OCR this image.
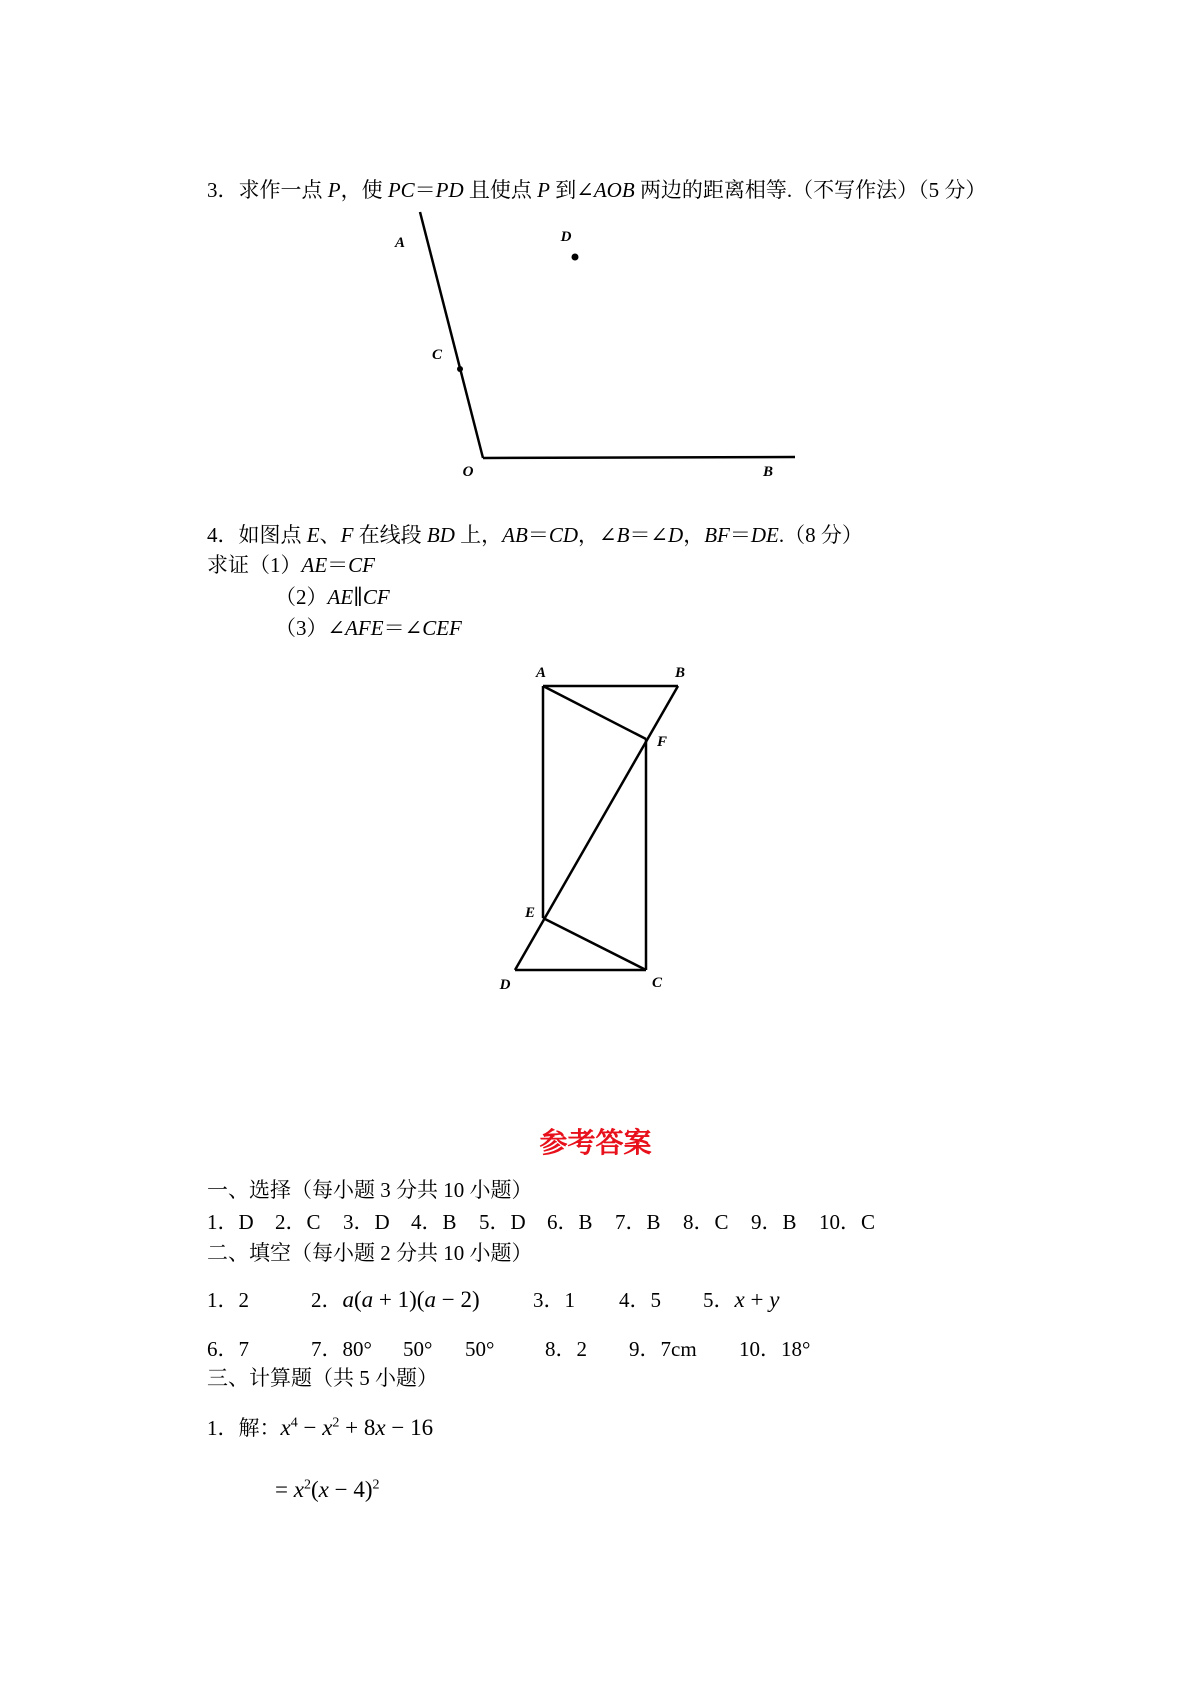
3．求作一点 P，使 PC＝PD 且使点 P 到∠AOB 两边的距离相等.（不写作法）（5 分）
A	D
C
O	B
4．如图点 E、F 在线段 BD 上，AB＝CD，∠B＝∠D，BF＝DE.（8 分）
求证（1）AE＝CF
（2）AE∥CF
（3）∠AFE＝∠CEF
A	B
F
E
D	C
参考答案
一、选择（每小题 3 分共 10 小题）
1．D 2．C 3．D 4．B 5．D 6．B 7．B 8．C 9．B 10．C
二、填空（每小题 2 分共 10 小题）
1．2	2．a(a + 1)(a − 2)	3．1 4．5 5．x + y
6．7	7．80° 50° 50° 8．2 9．7cm 10．18°
三、计算题（共 5 小题）
1．解：$x^4 - x^2 + 8x - 16$
= $x^2(x - 4)^2$
